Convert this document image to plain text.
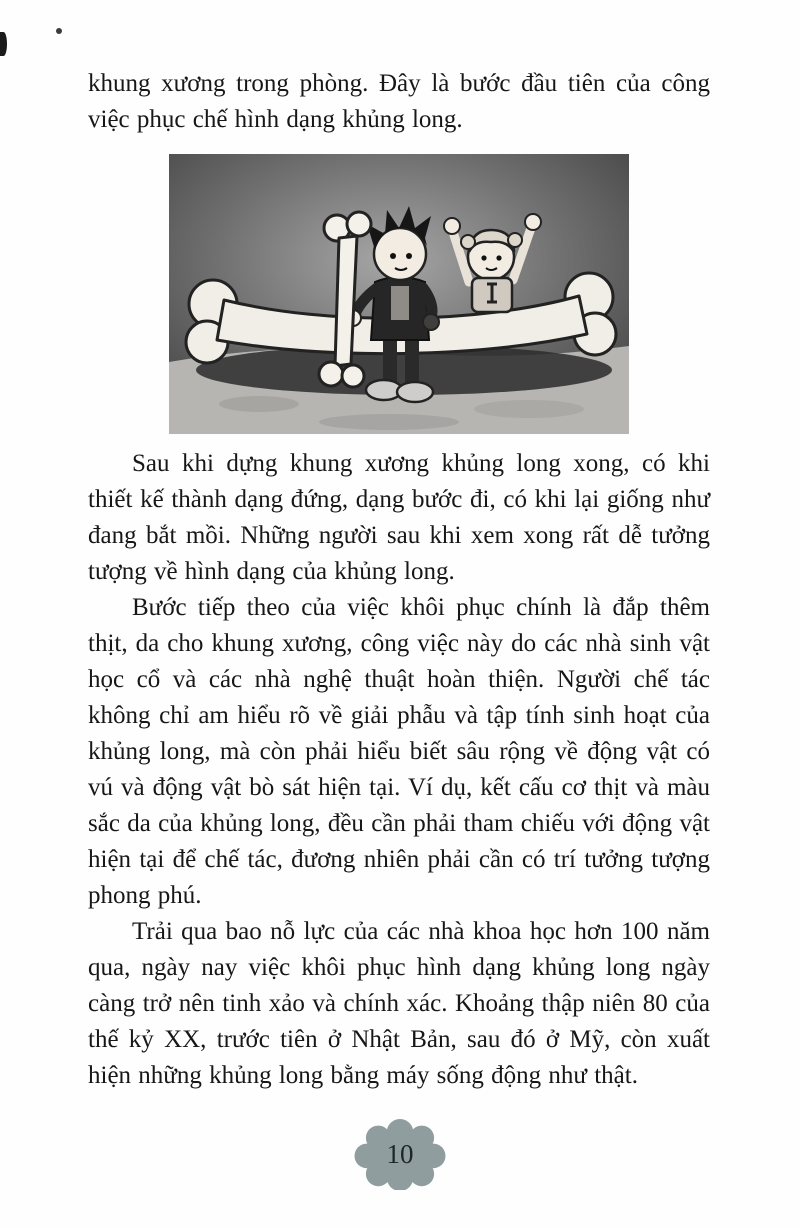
khung xương trong phòng. Đây là bước đầu tiên của công việc phục chế hình dạng khủng long.

Sau khi dựng khung xương khủng long xong, có khi thiết kế thành dạng đứng, dạng bước đi, có khi lại giống như đang bắt mồi. Những người sau khi xem xong rất dễ tưởng tượng về hình dạng của khủng long.

Bước tiếp theo của việc khôi phục chính là đắp thêm thịt, da cho khung xương, công việc này do các nhà sinh vật học cổ và các nhà nghệ thuật hoàn thiện. Người chế tác không chỉ am hiểu rõ về giải phẫu và tập tính sinh hoạt của khủng long, mà còn phải hiểu biết sâu rộng về động vật có vú và động vật bò sát hiện tại. Ví dụ, kết cấu cơ thịt và màu sắc da của khủng long, đều cần phải tham chiếu với động vật hiện tại để chế tác, đương nhiên phải cần có trí tưởng tượng phong phú.

Trải qua bao nỗ lực của các nhà khoa học hơn 100 năm qua, ngày nay việc khôi phục hình dạng khủng long ngày càng trở nên tinh xảo và chính xác. Khoảng thập niên 80 của thế kỷ XX, trước tiên ở Nhật Bản, sau đó ở Mỹ, còn xuất hiện những khủng long bằng máy sống động như thật.

10
